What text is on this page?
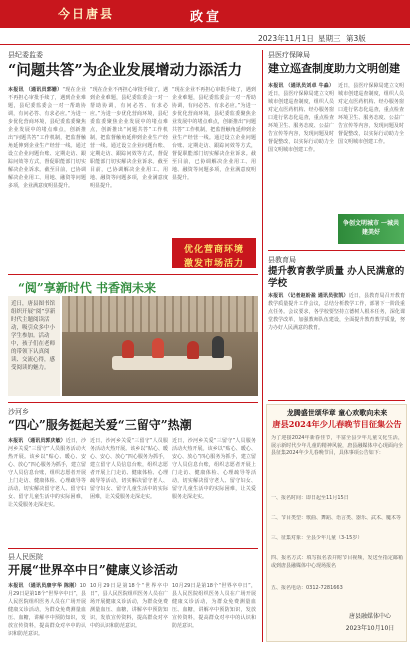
今日唐县	政宣
2023年11月1日 星期三 第3版
县纪委监委
“问题共答”为企业发展增动力添活力
本报讯 （通讯员郭姗）“现在企业不再担心审批手续了，遇到企业难题，县纪委监委会一对一帮助协调，有问必答、有求必应。”为进一步优化营商环境，县纪委监委聚焦企业发展中的堵点难点，创新推出“问题共答”工作机制，把监督触角延伸到企业生产经营一线。通过设立企业问题台账、定期走访、跟踪问效等方式，督促职能部门切实解决企业诉求。截至目前，已协调解决企业用工、用地、融资等问题多项，企业满意度明显提升。
“现在企业不再担心审批手续了，遇到企业难题，县纪委监委会一对一帮助协调，有问必答、有求必应。”为进一步优化营商环境，县纪委监委聚焦企业发展中的堵点难点，创新推出“问题共答”工作机制，把监督触角延伸到企业生产经营一线。通过设立企业问题台账、定期走访、跟踪问效等方式，督促职能部门切实解决企业诉求。截至目前，已协调解决企业用工、用地、融资等问题多项，企业满意度明显提升。
“现在企业不再担心审批手续了，遇到企业难题，县纪委监委会一对一帮助协调，有问必答、有求必应。”为进一步优化营商环境，县纪委监委聚焦企业发展中的堵点难点，创新推出“问题共答”工作机制，把监督触角延伸到企业生产经营一线。通过设立企业问题台账、定期走访、跟踪问效等方式，督促职能部门切实解决企业诉求。截至目前，已协调解决企业用工、用地、融资等问题多项，企业满意度明显提升。
优化营商环境
激发市场活力
“阅”享新时代 书香润未来
近日，唐县图书馆组织开展“阅”享新时代主题阅读活动，吸引众多中小学生参加。活动中，孩子们在老师的带领下认真阅读、交流心得，感受阅读的魅力。
沙河乡
“四心”服务挺起关爱“三留守”热潮
本报讯 （通讯员郭庆敏）近日，沙河乡关爱“三留守”人员服务活动火热开展。该乡以“贴心、暖心、安心、放心”四心服务为抓手，建立留守人员信息台账，组织志愿者开展上门走访、健康体检、心理疏导等活动，切实解决留守老人、留守妇女、留守儿童生活中的实际困难，让关爱服务走深走实。
近日，沙河乡关爱“三留守”人员服务活动火热开展。该乡以“贴心、暖心、安心、放心”四心服务为抓手，建立留守人员信息台账，组织志愿者开展上门走访、健康体检、心理疏导等活动，切实解决留守老人、留守妇女、留守儿童生活中的实际困难，让关爱服务走深走实。
近日，沙河乡关爱“三留守”人员服务活动火热开展。该乡以“贴心、暖心、安心、放心”四心服务为抓手，建立留守人员信息台账，组织志愿者开展上门走访、健康体检、心理疏导等活动，切实解决留守老人、留守妇女、留守儿童生活中的实际困难，让关爱服务走深走实。
县人民医院
开展“世界卒中日”健康义诊活动
本报讯 （通讯员康宇华 陈刚）10月29日是第18个“世界卒中日”，县人民医院组织医务人员在广场开展健康义诊活动，为群众免费测量血压、血糖，讲解卒中预防知识，发放宣传资料，提高群众对卒中的认识和防范意识。
10月29日是第18个“世界卒中日”，县人民医院组织医务人员在广场开展健康义诊活动，为群众免费测量血压、血糖，讲解卒中预防知识，发放宣传资料，提高群众对卒中的认识和防范意识。
10月29日是第18个“世界卒中日”，县人民医院组织医务人员在广场开展健康义诊活动，为群众免费测量血压、血糖，讲解卒中预防知识，发放宣传资料，提高群众对卒中的认识和防范意识。
县医疗保障局
建立巡查制度助力文明创建
本报讯 （通讯员刘卓 牛淼）近日，县医疗保障局建立文明城市创建巡查制度，组织人员对定点医药机构、经办服务窗口进行常态化巡查，重点检查环境卫生、服务态度、公益广告宣传等内容，发现问题及时督促整改，以实际行动助力全国文明城市创建工作。
近日，县医疗保障局建立文明城市创建巡查制度，组织人员对定点医药机构、经办服务窗口进行常态化巡查，重点检查环境卫生、服务态度、公益广告宣传等内容，发现问题及时督促整改，以实际行动助力全国文明城市创建工作。
争创文明城市 一城共建美好
县教育局
提升教育教学质量 办人民满意的学校
本报讯 （记者赵盼盈 通讯员张凯）近日，县教育局召开教育教学质量提升工作会议，总结分析教学工作，部署下一阶段重点任务。会议要求，各学校要坚持立德树人根本任务，深化课堂教学改革，加强教师队伍建设，全面提升教育教学质量，努力办好人民满意的教育。
龙腾盛世颂华章 童心欢歌向未来
唐县2024年少儿春晚节目征集公告
为了迎接2024年新春佳节，丰富全县少年儿童文化生活，展示新时代少年儿童的精神风貌，唐县融媒体中心现面向全县征集2024年少儿春晚节目，具体事项公告如下：
一、报名时间：即日起至11月15日
二、节目类型：歌曲、舞蹈、语言类、器乐、武术、魔术等
三、征集对象：全县少年儿童（3-15岁）
四、报名方式：填写报名表并附节目视频，发送至指定邮箱或到唐县融媒体中心现场报名
五、报名电话：0312-7281663
唐县融媒体中心
2023年10月10日
